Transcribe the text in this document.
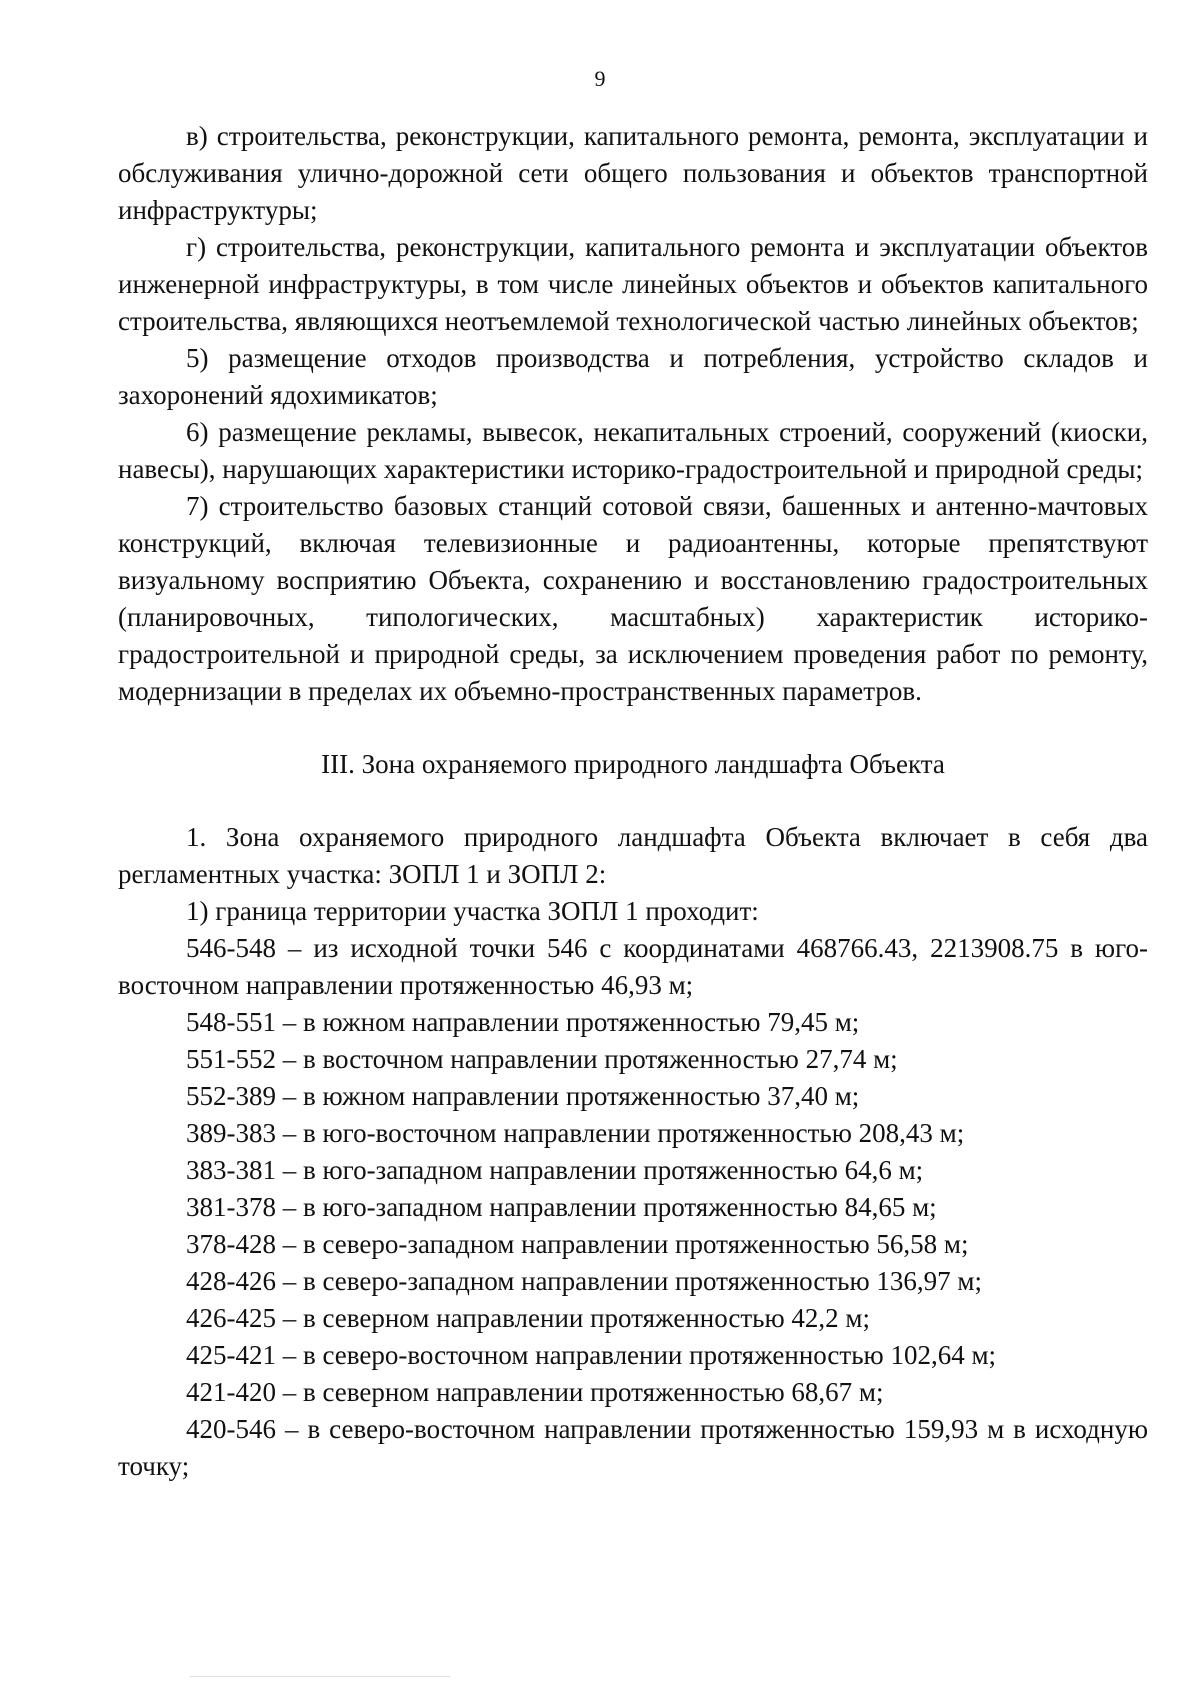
9

в) строительства, реконструкции, капитального ремонта, ремонта, эксплуатации и обслуживания улично-дорожной сети общего пользования и объектов транспортной инфраструктуры;

г) строительства, реконструкции, капитального ремонта и эксплуатации объектов инженерной инфраструктуры, в том числе линейных объектов и объектов капитального строительства, являющихся неотъемлемой технологической частью линейных объектов;

5) размещение отходов производства и потребления, устройство складов и захоронений ядохимикатов;

6) размещение рекламы, вывесок, некапитальных строений, сооружений (киоски, навесы), нарушающих характеристики историко-градостроительной и природной среды;

7) строительство базовых станций сотовой связи, башенных и антенно-мачтовых конструкций, включая телевизионные и радиоантенны, которые препятствуют визуальному восприятию Объекта, сохранению и восстановлению градостроительных (планировочных, типологических, масштабных) характеристик историко-градостроительной и природной среды, за исключением проведения работ по ремонту, модернизации в пределах их объемно-пространственных параметров.

III. Зона охраняемого природного ландшафта Объекта

1. Зона охраняемого природного ландшафта Объекта включает в себя два регламентных участка: ЗОПЛ 1 и ЗОПЛ 2:

1) граница территории участка ЗОПЛ 1 проходит:

546-548 – из исходной точки 546 с координатами 468766.43, 2213908.75 в юго-восточном направлении протяженностью 46,93 м;

548-551 – в южном направлении протяженностью 79,45 м;

551-552 – в восточном направлении протяженностью 27,74 м;

552-389 – в южном направлении протяженностью 37,40 м;

389-383 – в юго-восточном направлении протяженностью 208,43 м;

383-381 – в юго-западном направлении протяженностью 64,6 м;

381-378 – в юго-западном направлении протяженностью 84,65 м;

378-428 – в северо-западном направлении протяженностью 56,58 м;

428-426 – в северо-западном направлении протяженностью 136,97 м;

426-425 – в северном направлении протяженностью 42,2 м;

425-421 – в северо-восточном направлении протяженностью 102,64 м;

421-420 – в северном направлении протяженностью 68,67 м;

420-546 – в северо-восточном направлении протяженностью 159,93 м в исходную точку;
